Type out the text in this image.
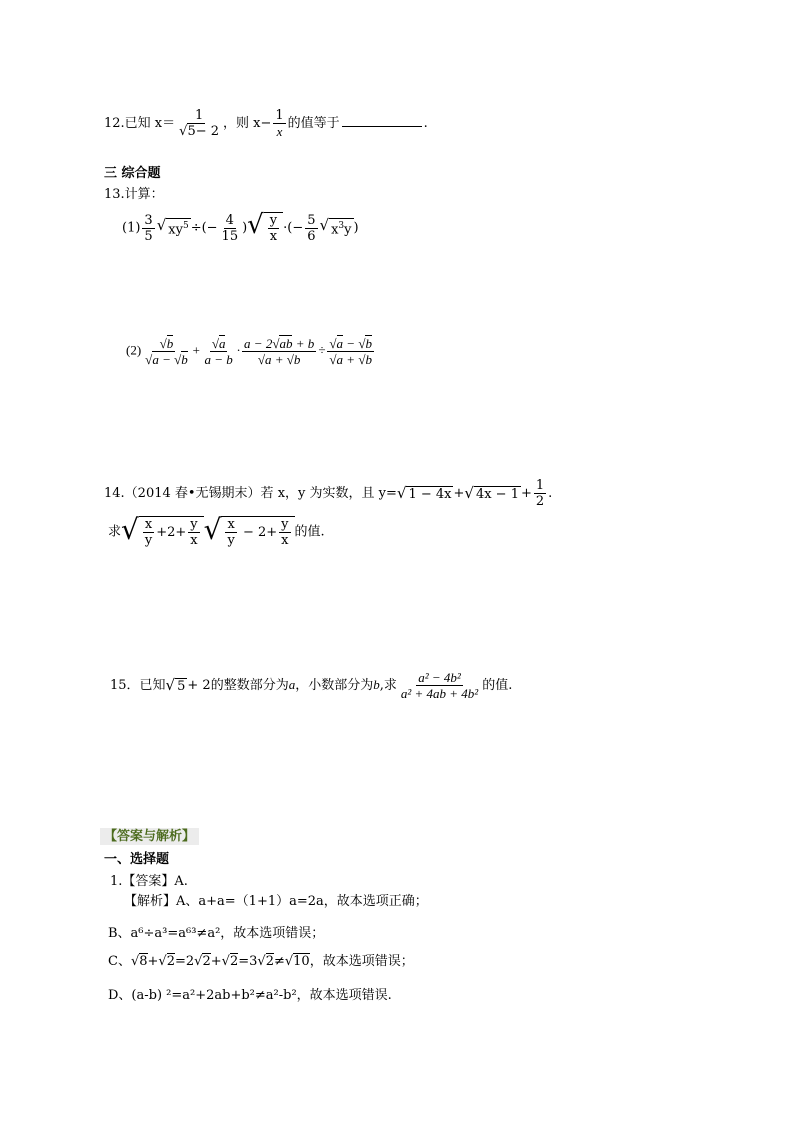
12.已知 $x= \frac{1}{√5- 2}$ ，则 $x- \frac{1}{x}$ 的值等于	.
三 综合题
13.计算：
$(1) \frac{3}{5}$ √ $xy^5$ ÷(− $\frac{4}{15}$ ) √ $\frac{y}{x}$ ·(− $\frac{5}{6}$ √ $x^3y$ )
$(2) \frac{√b}{√a - √b} + \frac{√a}{a - b} \cdot \frac{a - 2√ab + b}{√a + √b} \div \frac{√a - √b}{√a + √b}$
14.（2014 春•无锡期末）若 x，y 为实数，且 y= √ 1 − 4x + √ $4x - 1 + \frac{1}{2}$ .
求 √ $\frac{x}{y} +2+ \frac{y}{x}$ √ $\frac{x}{y} - 2+ \frac{y}{x}$ 的值.
15．已知 √ 5 + 2的整数部分为a，小数部分为b,求 $\frac{\text{a² − 4b²}}{\text{a² + 4ab + 4b²}}$ 的值.
【答案与解析】
一、选择题
1.【答案】A.
【解析】A、a+a=（1+1）a=2a，故本选项正确；
B、a⁶÷a³=a⁶³≠a²，故本选项错误；
C、√8+√2=2√2+√2=3√2≠√10，故本选项错误；
D、(a-b) ²=a²+2ab+b²≠a²-b²，故本选项错误.
